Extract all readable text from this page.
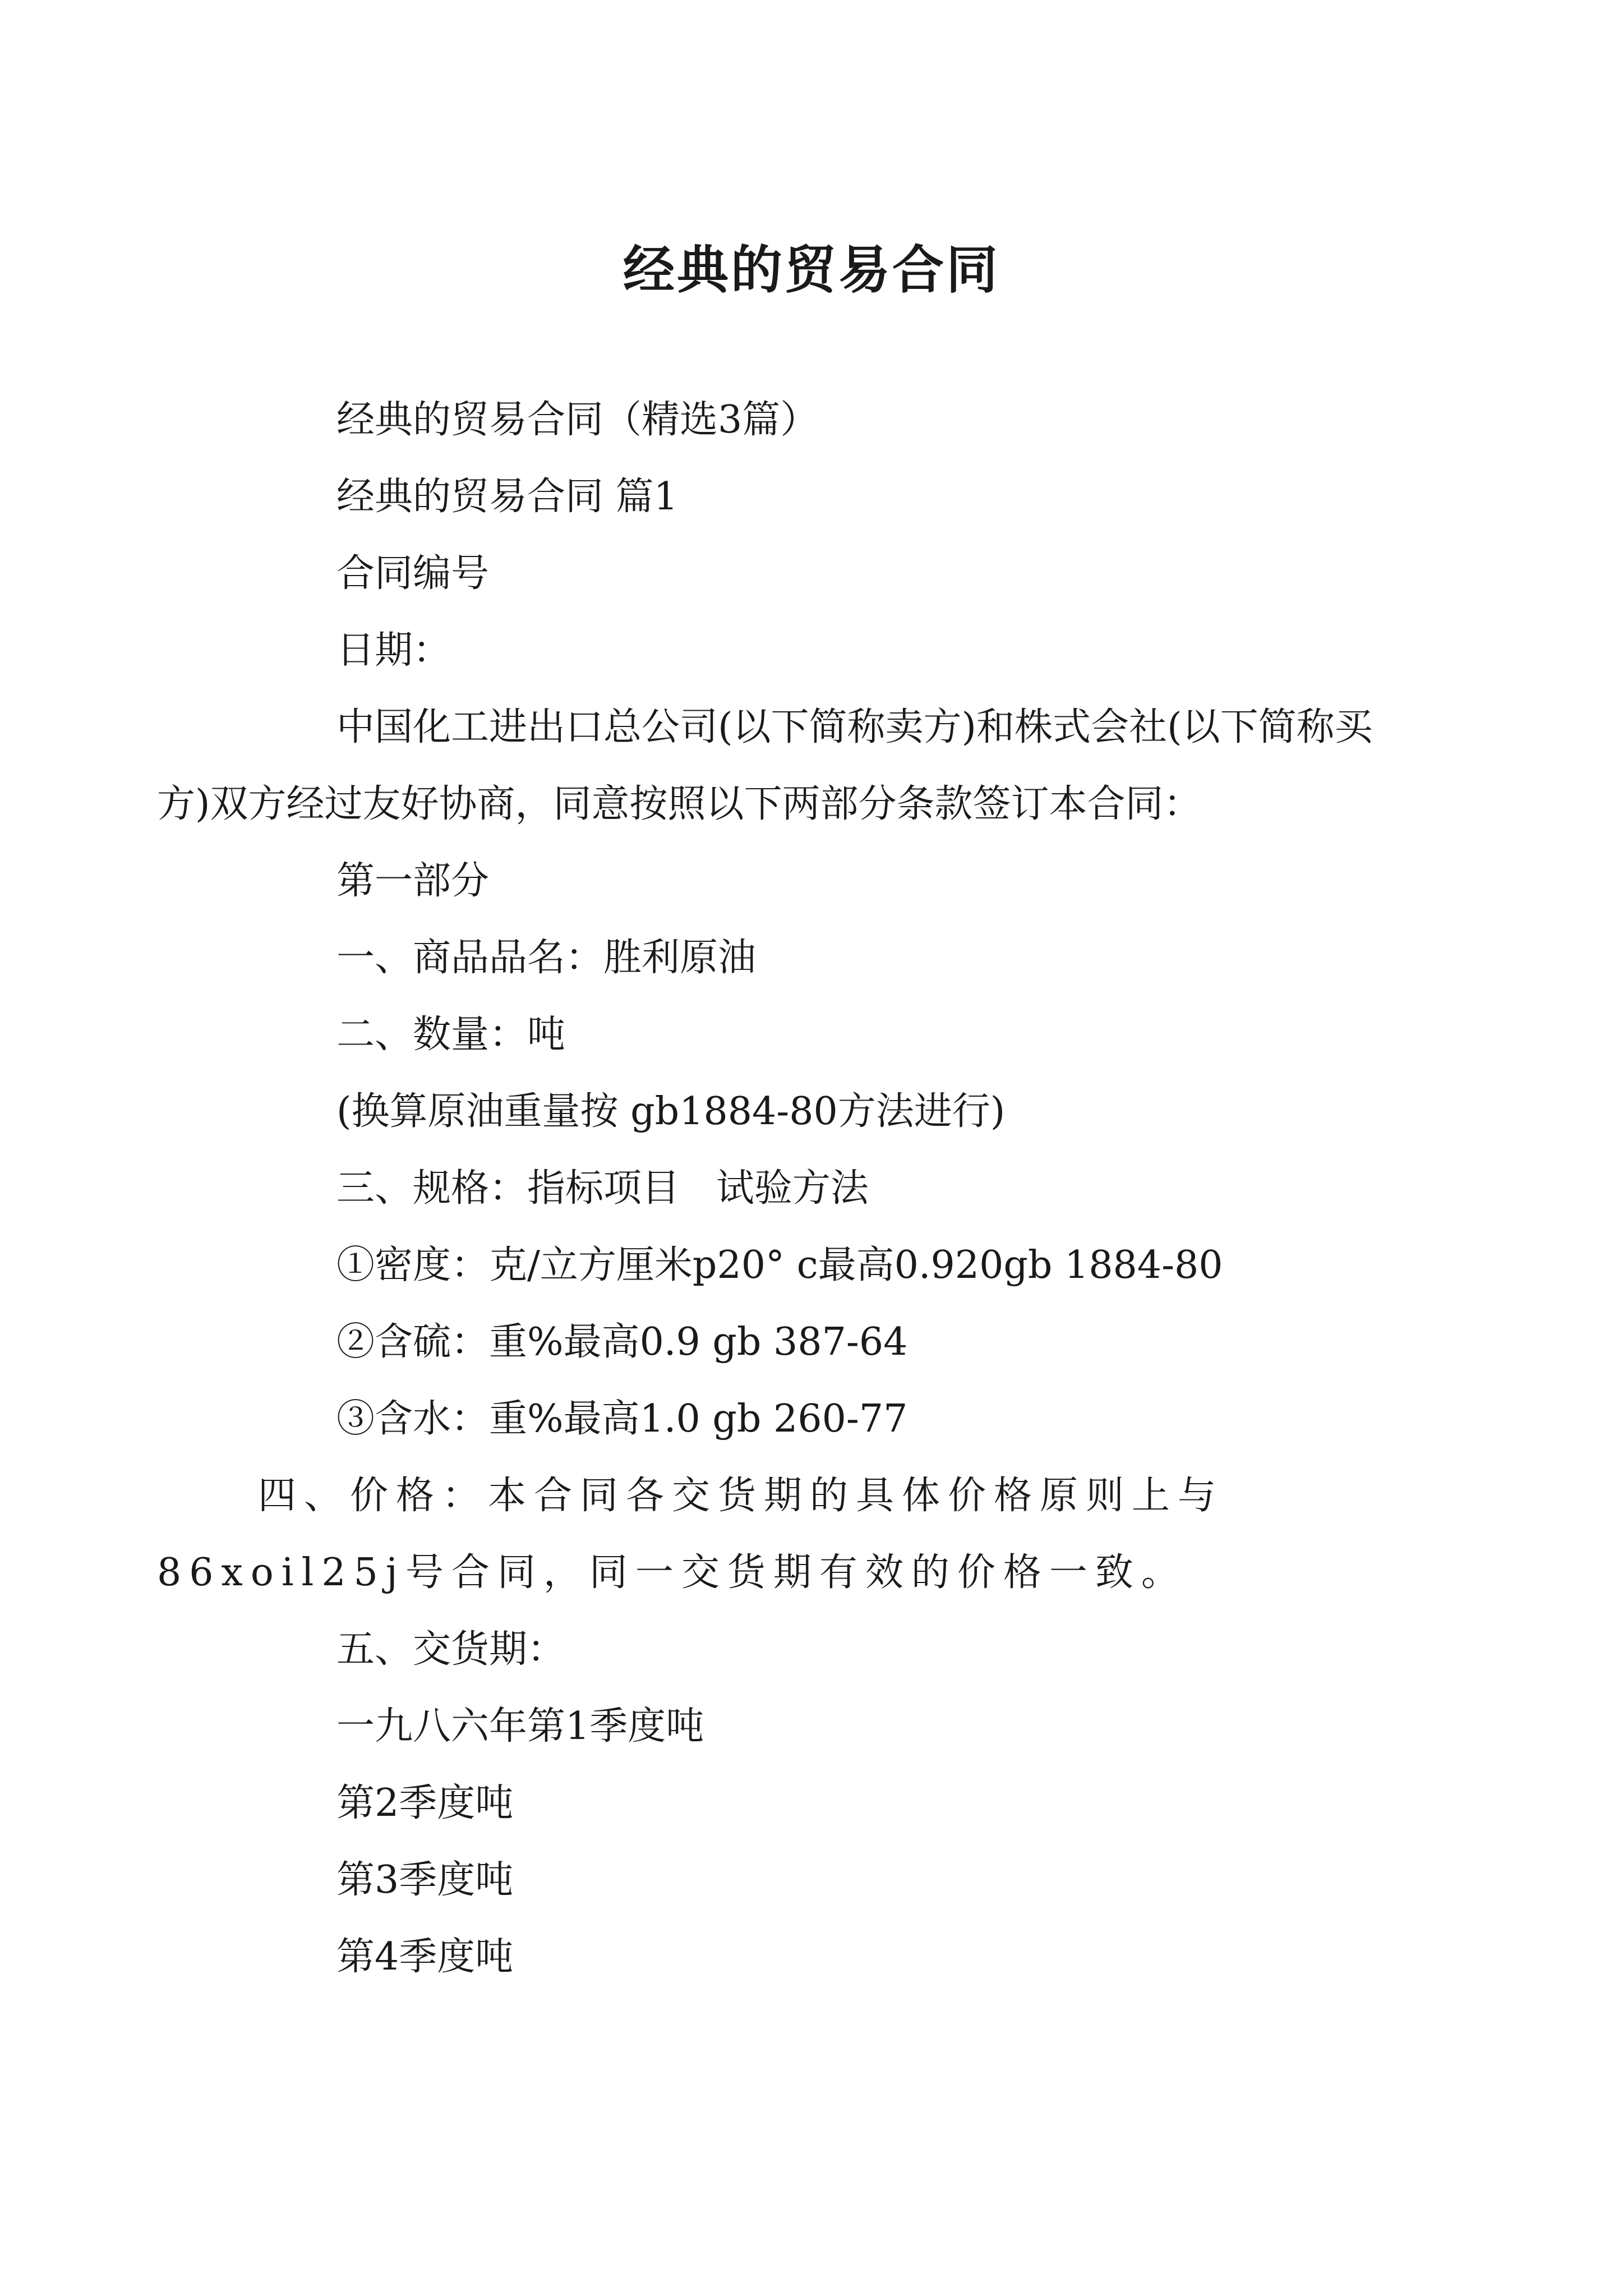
经典的贸易合同

经典的贸易合同（精选3篇）

经典的贸易合同 篇1

合同编号

日期：

中国化工进出口总公司(以下简称卖方)和株式会社(以下简称买方)双方经过友好协商，同意按照以下两部分条款签订本合同：

第一部分

一、商品品名：胜利原油

二、数量：吨

(换算原油重量按 gb1884-80方法进行)

三、规格：指标项目   试验方法

①密度：克/立方厘米p20° c最高0.920gb 1884-80

②含硫：重%最高0.9 gb 387-64

③含水：重%最高1.0 gb 260-77

四、价格：本合同各交货期的具体价格原则上与86xoil25j号合同，同一交货期有效的价格一致。

五、交货期：

一九八六年第1季度吨

第2季度吨

第3季度吨

第4季度吨
